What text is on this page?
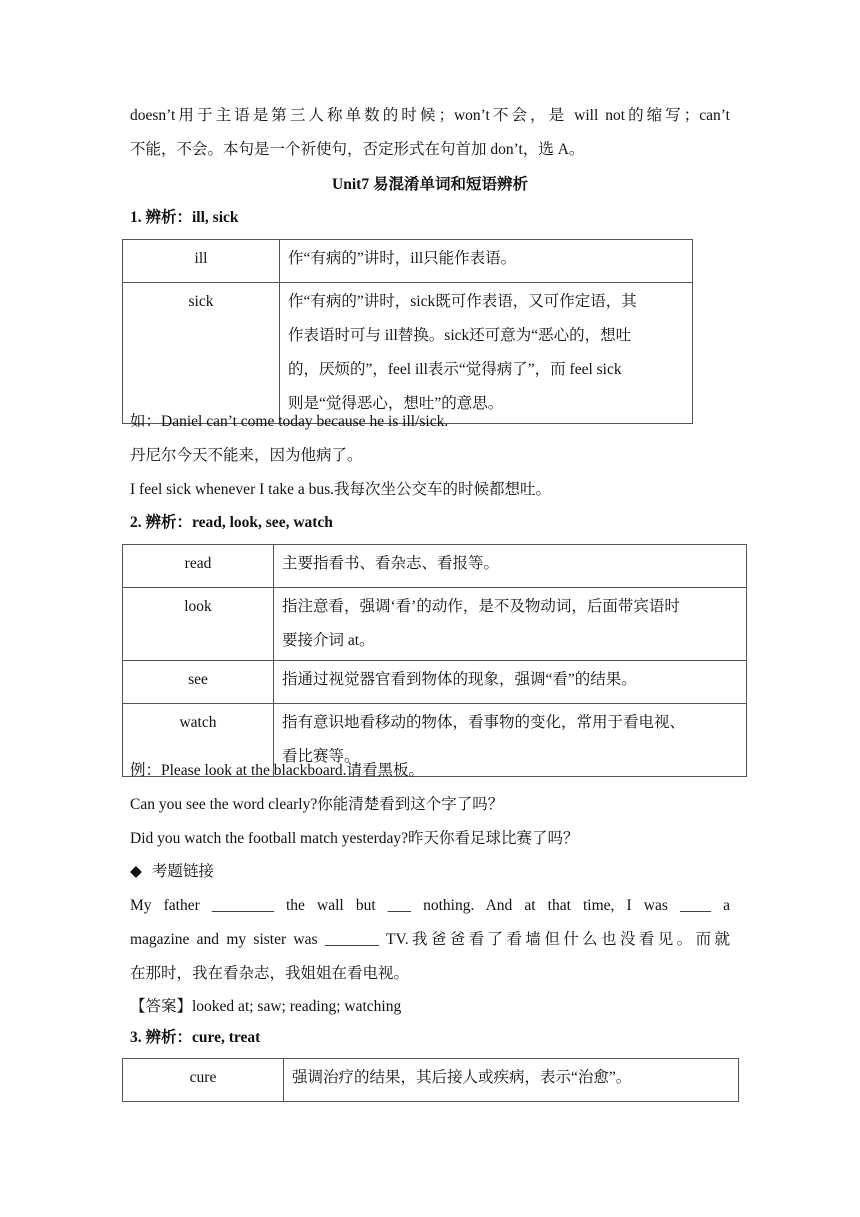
doesn’t用于主语是第三人称单数的时候；won’t不会，是 will not的缩写；can’t
不能，不会。本句是一个祈使句，否定形式在句首加 don’t，选 A。
Unit7 易混淆单词和短语辨析
1. 辨析：ill, sick
ill	作“有病的”讲时，ill只能作表语。
sick	作“有病的”讲时，sick既可作表语，又可作定语，其
作表语时可与 ill替换。sick还可意为“恶心的，想吐
的，厌烦的”，feel ill表示“觉得病了”，而 feel sick
则是“觉得恶心，想吐”的意思。
如：Daniel can’t come today because he is ill/sick.
丹尼尔今天不能来，因为他病了。
I feel sick whenever I take a bus.我每次坐公交车的时候都想吐。
2. 辨析：read, look, see, watch
read	主要指看书、看杂志、看报等。

look	指注意看，强调‘看’的动作，是不及物动词，后面带宾语时
要接介词 at。

see	指通过视觉器官看到物体的现象，强调“看”的结果。

watch	指有意识地看移动的物体，看事物的变化，常用于看电视、
看比赛等。
例：Please look at the blackboard.请看黑板。
Can you see the word clearly?你能清楚看到这个字了吗？
Did you watch the football match yesterday?昨天你看足球比赛了吗？
◆ 考题链接
My father ________ the wall but ___ nothing. And at that time, I was ____ a
magazine and my sister was _______ TV.我爸爸看了看墙但什么也没看见。而就
在那时，我在看杂志，我姐姐在看电视。
【答案】looked at; saw; reading; watching
3. 辨析：cure, treat
cure	强调治疗的结果，其后接人或疾病，表示“治愈”。
